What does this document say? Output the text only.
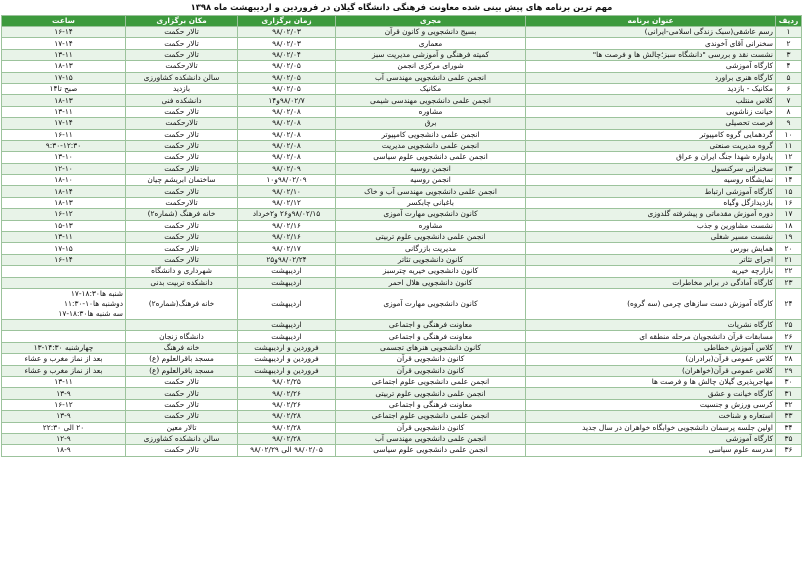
مهم ترین برنامه های پیش بینی شده معاونت فرهنگی دانشگاه گیلان در فروردین و اردیبهشت ماه ۱۳۹۸
ردیف	عنوان برنامه	مجری	زمان برگزاری	مکان برگزاری	ساعت
۱	رسم عاشقی(سبک زندگی اسلامی-ایرانی)	بسیج دانشجویی و کانون قرآن	۹۸/۰۲/۰۳	تالار حکمت	۱۶-۱۴
۲	سخنرانی آقای آخوندی	معماری	۹۸/۰۲/۰۳	تالار حکمت	۱۷-۱۴
۳	نشست نقد و بررسی "دانشگاه سبز؛چالش ها و فرصت ها"	کمیته فرهنگی و آموزشی مدیریت سبز	۹۸/۰۲/۰۴	تالار حکمت	۱۳-۱۱
۴	کارگاه آموزشی	شورای مرکزی انجمن	۹۸/۰۲/۰۵	تالارحکمت	۱۸-۱۳
۵	کارگاه هنری براورد	انجمن علمی دانشجویی مهندسی آب	۹۸/۰۲/۰۵	سالن دانشکده کشاورزی	۱۷-۱۵
۶	مکانیک - بازدید	مکانیک	۹۸/۰۲/۰۵	بازدید	صبح تا۱۴
۷	کلاس منتلب	انجمن علمی دانشجویی مهندسی شیمی	۹۸/۰۲/۷و۱۴	دانشکده فنی	۱۸-۱۳
۸	خیانت زناشویی	مشاوره	۹۸/۰۲/۰۸	تالار حکمت	۱۳-۱۱
۹	فرصت تحصیلی	برق	۹۸/۰۲/۰۸	تالارحکمت	۱۷-۱۴
۱۰	گردهمایی گروه کامپیوتر	انجمن علمی دانشجویی کامپیوتر	۹۸/۰۲/۰۸	تالار حکمت	۱۶-۱۱
۱۱	گروه مدیریت صنعتی	انجمن علمی دانشجویی مدیریت	۹۸/۰۲/۰۸	تالار حکمت	۹:۳۰-۱۲:۳۰
۱۲	یادواره شهدا جنگ ایران و عراق	انجمن علمی دانشجویی علوم سیاسی	۹۸/۰۲/۰۸	تالار حکمت	۱۳-۱۰
۱۳	سخنرانی سرکنسول	انجمن روسیه	۹۸/۰۲/۰۹	تالار حکمت	۱۲-۱۰
۱۴	نمایشگاه روسیه	انجمن روسیه	۹۸/۰۲/۰۹و۱۰	ساختمان ابریشم چیان	۱۸-۱۰
۱۵	کارگاه آموزشی ارتباط	انجمن علمی دانشجویی مهندسی آب و خاک	۹۸/۰۲/۱۰	تالار حکمت	۱۸-۱۴
۱۶	بازدیدازگل وگیاه	باغبانی چابکسر	۹۸/۰۲/۱۲	تالارحکمت	۱۸-۱۳
۱۷	دوره آموزش مقدماتی و پیشرفته گلدوزی	کانون دانشجویی مهارت آموزی	۹۸/۰۲/۱۵و۲۶ و۲خرداد	خانه فرهنگ (شماره۲)	۱۶-۱۲
۱۸	نشست مشاورین و جذب	مشاوره	۹۸/۰۲/۱۶	تالار حکمت	۱۵-۱۳
۱۹	نشست مسیر شغلی	انجمن علمی دانشجویی علوم تربیتی	۹۸/۰۲/۱۶	تالار حکمت	۱۳-۱۱
۲۰	همایش بورس	مدیریت بازرگانی	۹۸/۰۲/۱۷	تالار حکمت	۱۷-۱۵
۲۱	اجرای تئاتر	کانون دانشجویی تئاتر	۹۸/۰۲/۲۴و۲۵	تالار حکمت	۱۶-۱۴
۲۲	بازارچه خیریه	کانون دانشجویی خیریه چترسبز	اردیبهشت	شهرداری و دانشگاه	
۲۳	کارگاه آمادگی در برابر مخاطرات	کانون دانشجویی هلال احمر	اردیبهشت	دانشکده تربیت بدنی	
۲۴	کارگاه آموزش دست سازهای چرمی (سه گروه)	کانون دانشجویی مهارت آموزی	اردیبهشت	خانه فرهنگ(شماره۲)	شنبه ها۱۸:۳۰-۱۷
دوشنبه ها۱۰-۱۱:۳۰
سه شنبه ها۱۸:۳۰-۱۷

۲۵	کارگاه نشریات	معاونت فرهنگی و اجتماعی	اردیبهشت		
۲۶	مسابقات قرآن دانشجویان مرحله منطقه ای	معاونت فرهنگی و اجتماعی	اردیبهشت	دانشگاه زنجان	
۲۷	کلاس آموزش خطاطی	کانون دانشجویی هنرهای تجسمی	فروردین و اردیبهشت	خانه فرهنگ	چهارشنبه ۱۴:۳۰-۱۳
۲۸	کلاس عمومی قرآن(برادران)	کانون دانشجویی قرآن	فروردین و اردیبهشت	مسجد باقرالعلوم (ع)	بعد از نماز مغرب و عشاء
۲۹	کلاس عمومی قرآن(خواهران)	کانون دانشجویی قرآن	فروردین و اردیبهشت	مسجد باقرالعلوم (ع)	بعد از نماز مغرب و عشاء
۳۰	مهاجرپذیری گیلان چالش ها و فرصت ها	انجمن علمی دانشجویی علوم اجتماعی	۹۸/۰۲/۲۵	تالار حکمت	۱۳-۱۱
۳۱	کارگاه خیانت و عشق	انجمن علمی دانشجویی علوم تربیتی	۹۸/۰۲/۲۶	تالار حکمت	۱۳-۹
۳۲	کرسی ورزش و جنسیت	معاونت فرهنگی و اجتماعی	۹۸/۰۲/۲۶	تالار حکمت	۱۶-۱۲
۳۳	استعاره و شناخت	انجمن علمی دانشجویی علوم اجتماعی	۹۸/۰۲/۲۸	تالار حکمت	۱۳-۹
۳۴	اولین جلسه پرسمان دانشجویی خوابگاه خواهران در سال جدید	کانون دانشجویی قرآن	۹۸/۰۲/۲۸	تالار معین	۲۰ الی ۲۲:۳۰
۳۵	کارگاه آموزشی	انجمن علمی دانشجویی مهندسی آب	۹۸/۰۲/۲۸	سالن دانشکده کشاورزی	۱۲-۹
۳۶	مدرسه علوم سیاسی	انجمن علمی دانشجویی علوم سیاسی	۹۸/۰۲/۰۵ الی ۹۸/۰۲/۲۹	تالار حکمت	۱۸-۹
